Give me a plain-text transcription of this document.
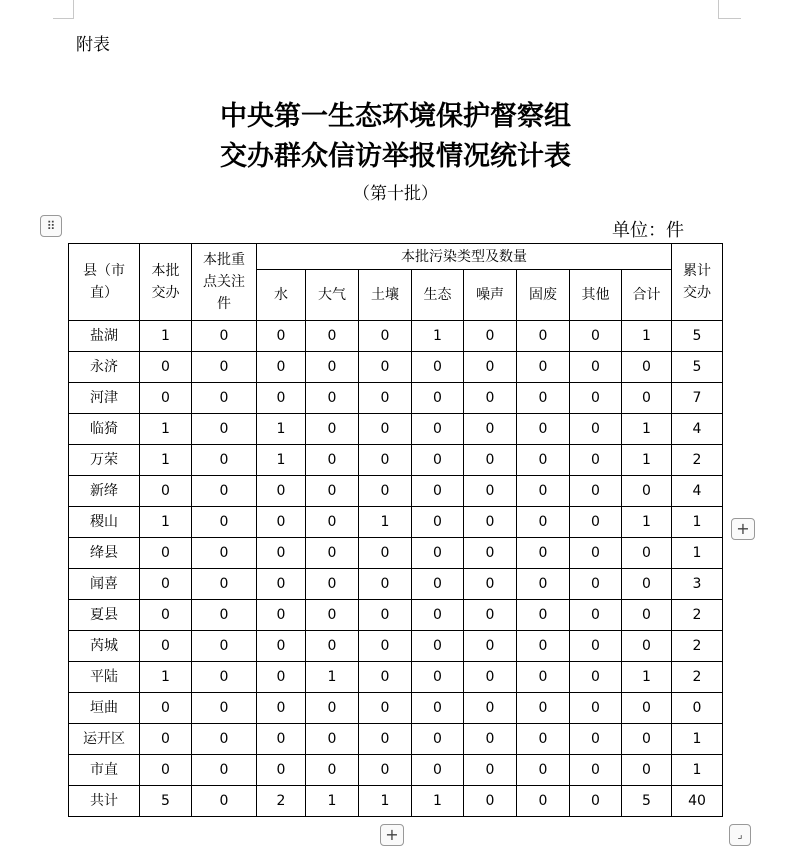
附表
中央第一生态环境保护督察组
交办群众信访举报情况统计表
（第十批）
单位：件
⠿
县（市直）	本批交办	本批重点关注件	本批污染类型及数量								累计交办

			水	大气	土壤	生态	噪声	固废	其他	合计	
盐湖	1	0	0	0	0	1	0	0	0	1	5
永济	0	0	0	0	0	0	0	0	0	0	5
河津	0	0	0	0	0	0	0	0	0	0	7
临猗	1	0	1	0	0	0	0	0	0	1	4
万荣	1	0	1	0	0	0	0	0	0	1	2
新绛	0	0	0	0	0	0	0	0	0	0	4
稷山	1	0	0	0	1	0	0	0	0	1	1
绛县	0	0	0	0	0	0	0	0	0	0	1
闻喜	0	0	0	0	0	0	0	0	0	0	3
夏县	0	0	0	0	0	0	0	0	0	0	2
芮城	0	0	0	0	0	0	0	0	0	0	2
平陆	1	0	0	1	0	0	0	0	0	1	2
垣曲	0	0	0	0	0	0	0	0	0	0	0
运开区	0	0	0	0	0	0	0	0	0	0	1
市直	0	0	0	0	0	0	0	0	0	0	1
共计	5	0	2	1	1	1	0	0	0	5	40
+
+	⌟
